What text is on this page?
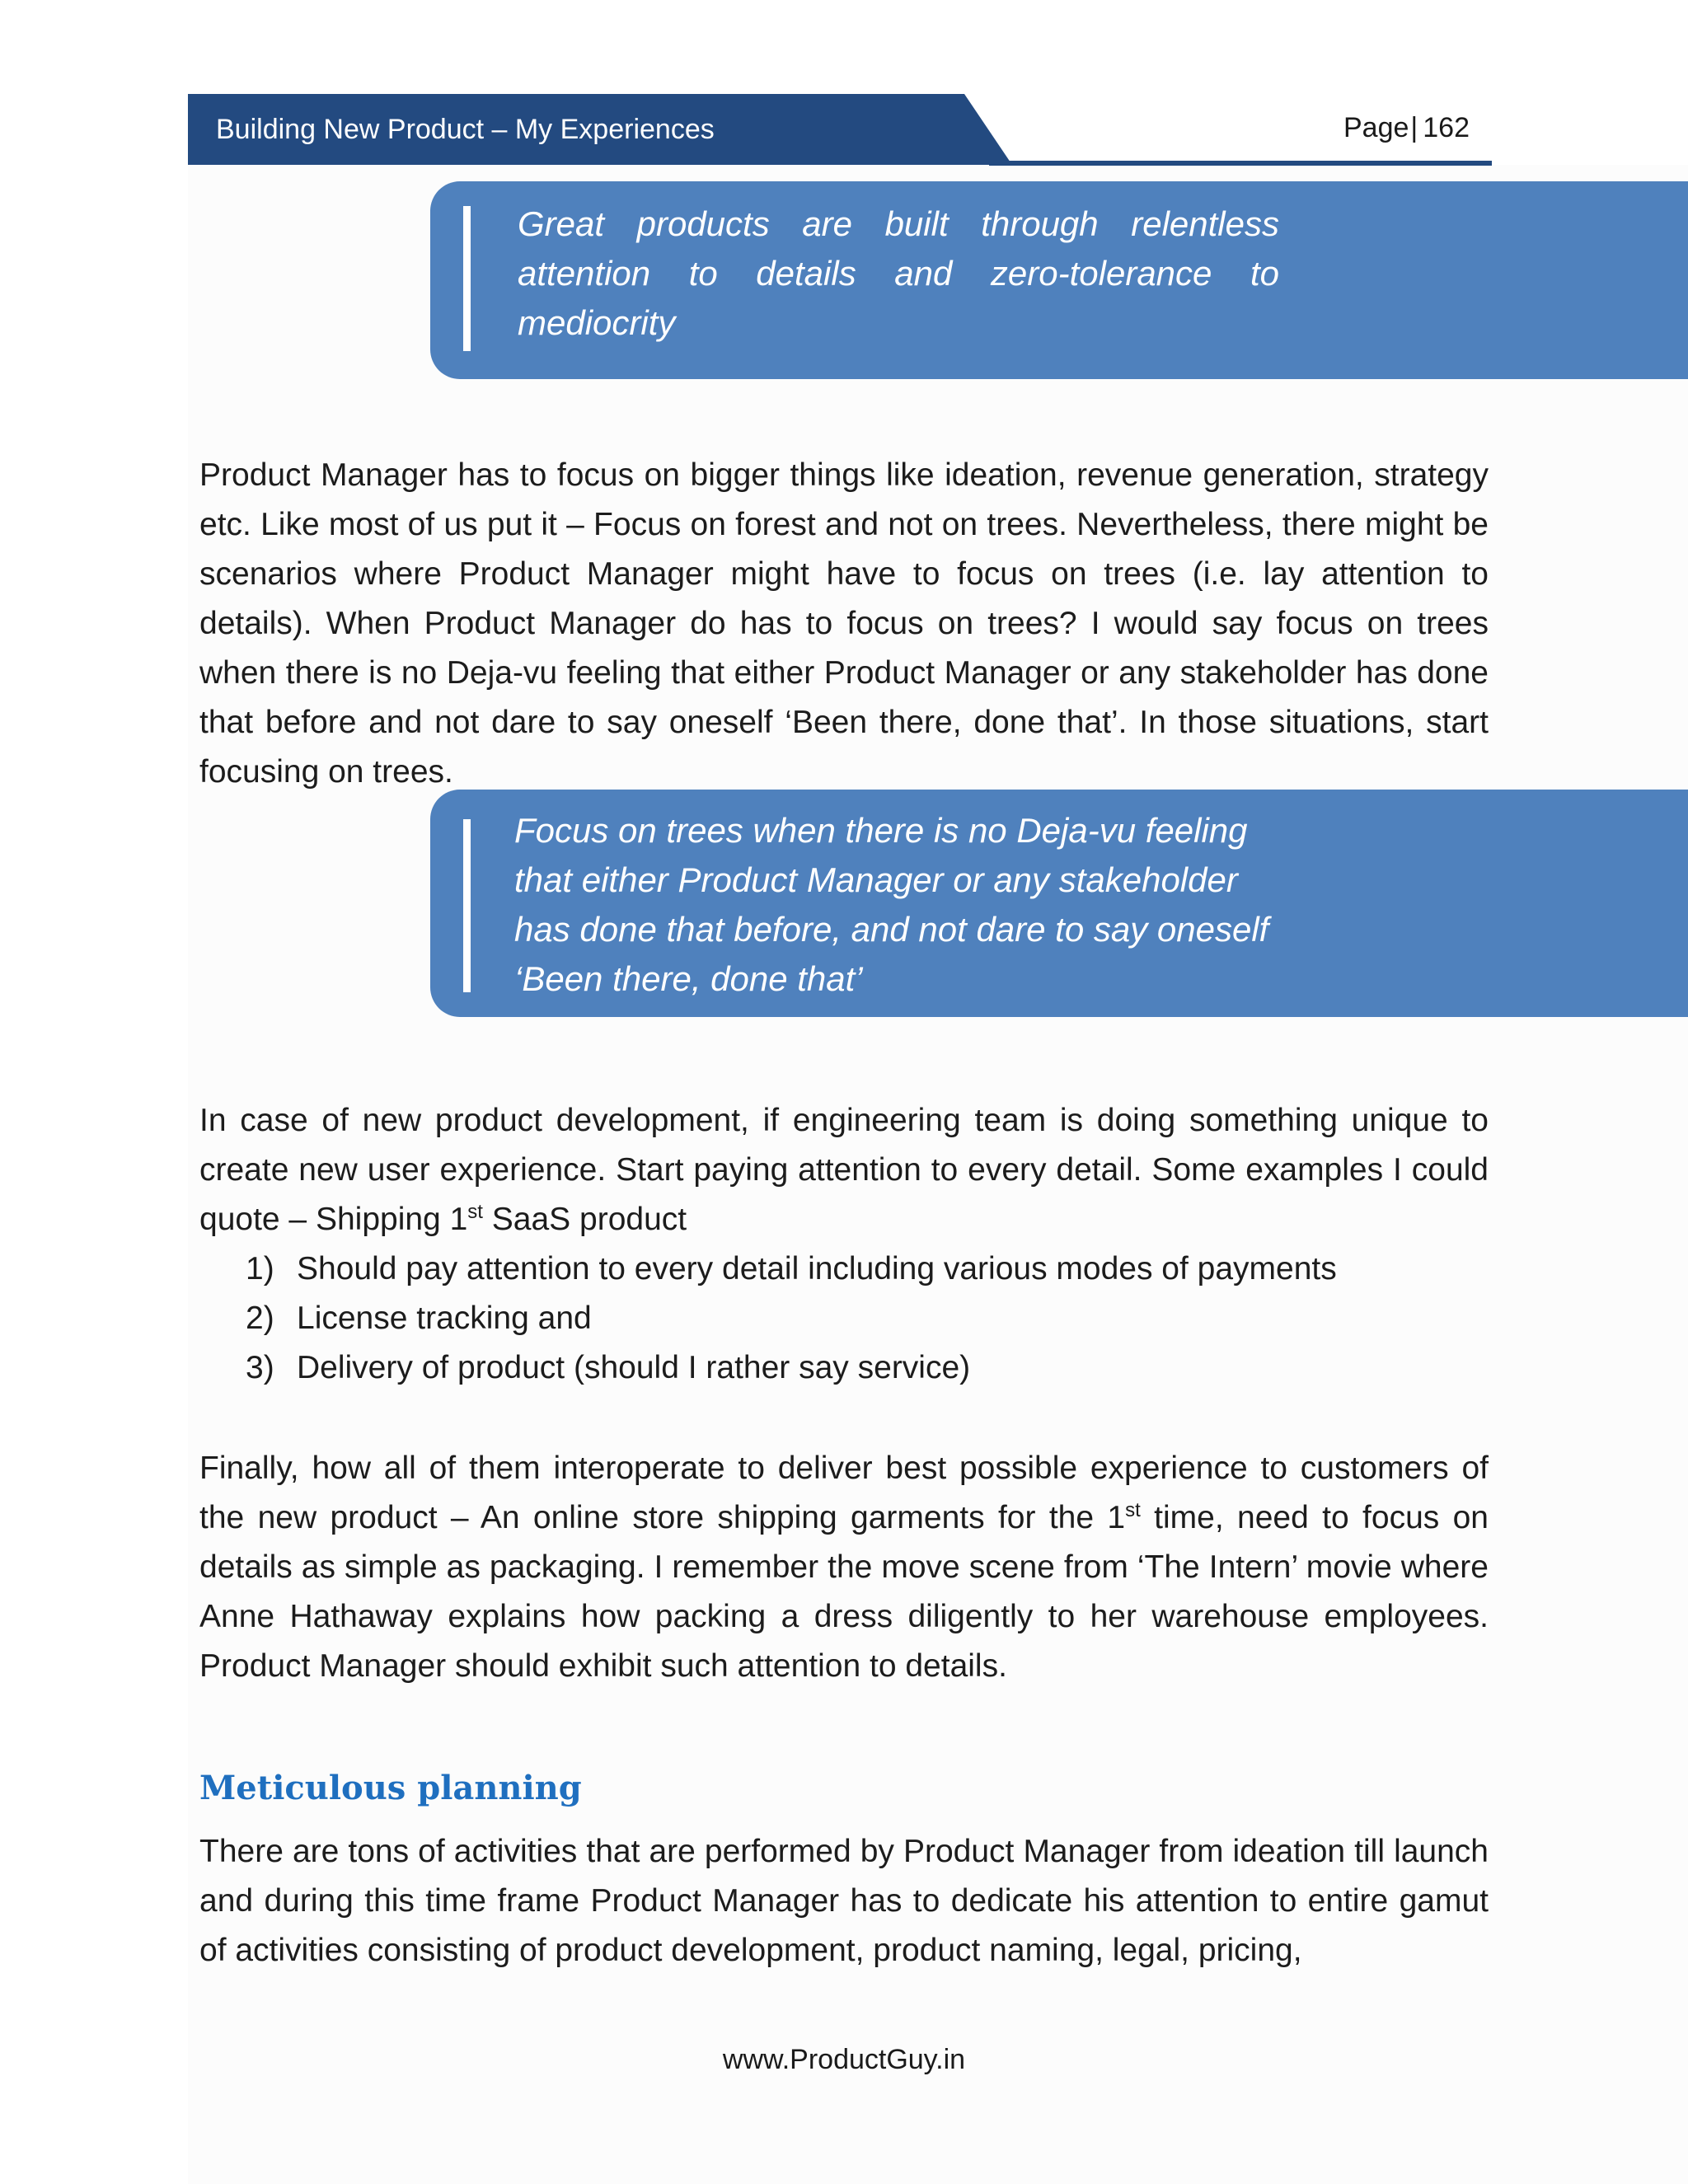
Building New Product – My Experiences	Page| 162
Great products are built through relentless attention to details and zero-tolerance to mediocrity

Product Manager has to focus on bigger things like ideation, revenue generation, strategy etc. Like most of us put it – Focus on forest and not on trees. Nevertheless, there might be scenarios where Product Manager might have to focus on trees (i.e. lay attention to details). When Product Manager do has to focus on trees? I would say focus on trees when there is no Deja-vu feeling that either Product Manager or any stakeholder has done that before and not dare to say oneself ‘Been there, done that’. In those situations, start focusing on trees.

Focus on trees when there is no Deja-vu feeling that either Product Manager or any stakeholder has done that before, and not dare to say oneself ‘Been there, done that’

In case of new product development, if engineering team is doing something unique to create new user experience. Start paying attention to every detail. Some examples I could quote – Shipping 1st SaaS product

1) Should pay attention to every detail including various modes of payments
2) License tracking and
3) Delivery of product (should I rather say service)

Finally, how all of them interoperate to deliver best possible experience to customers of the new product – An online store shipping garments for the 1st time, need to focus on details as simple as packaging. I remember the move scene from ‘The Intern’ movie where Anne Hathaway explains how packing a dress diligently to her warehouse employees. Product Manager should exhibit such attention to details.

Meticulous planning

There are tons of activities that are performed by Product Manager from ideation till launch and during this time frame Product Manager has to dedicate his attention to entire gamut of activities consisting of product development, product naming, legal, pricing,

www.ProductGuy.in
